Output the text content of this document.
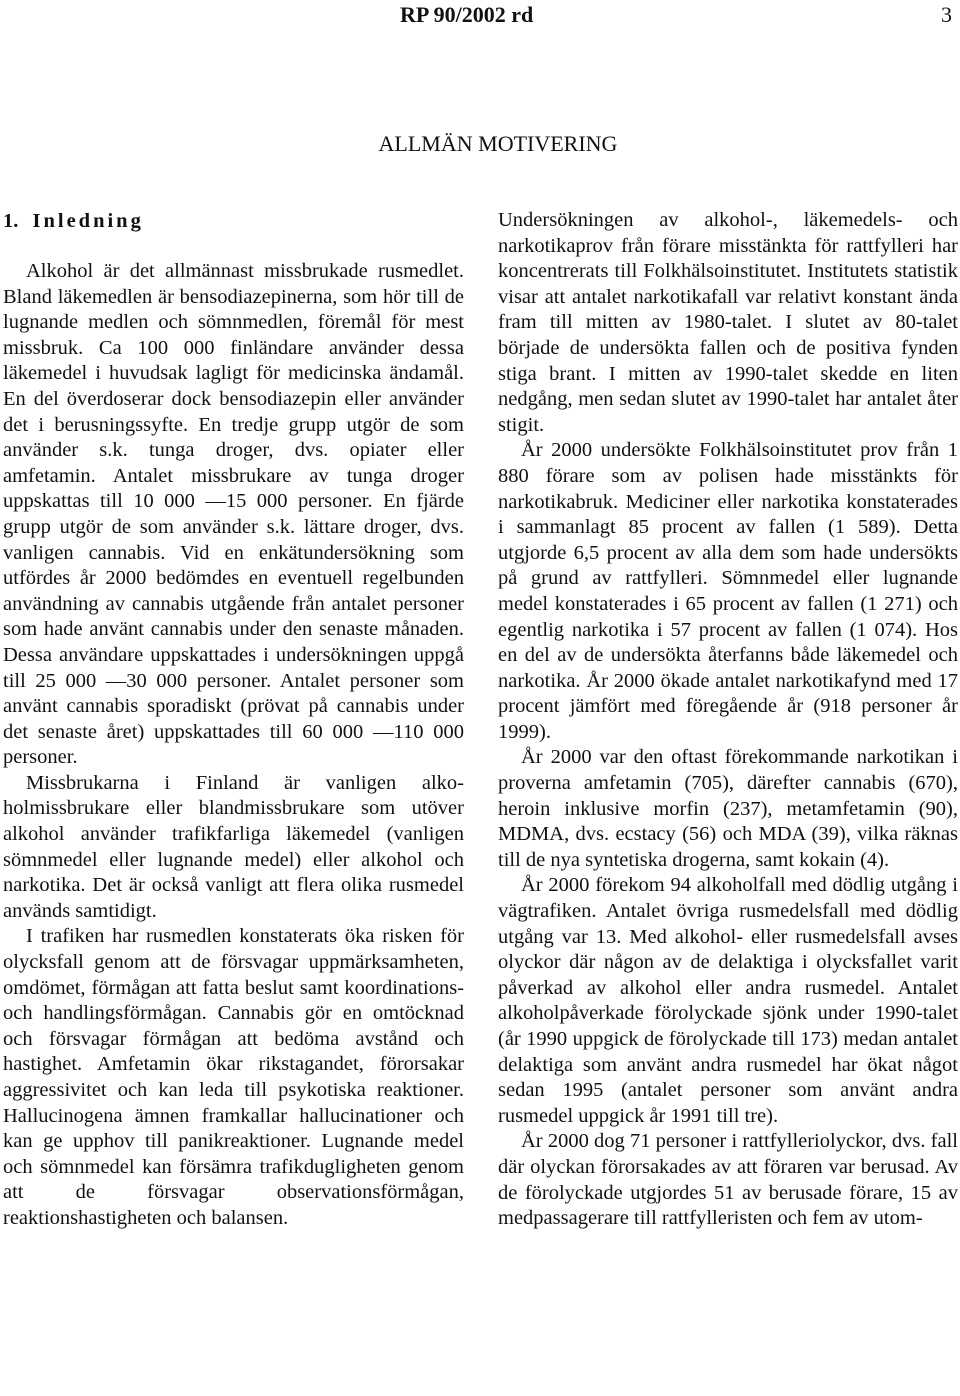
RP 90/2002 rd	3
ALLMÄN MOTIVERING
1. Inledning

Alkohol är det allmännast missbrukade rusmedlet. Bland läkemedlen är bensodiazepinerna, som hör till de lugnande medlen och sömnmedlen, föremål för mest missbruk. Ca 100 000 finländare använder dessa läkemedel i huvudsak lagligt för medicinska ändamål. En del överdoserar dock bensodiazepin eller använder det i berusningssyfte. En tredje grupp utgör de som använder s.k. tunga droger, dvs. opiater eller amfetamin. Antalet missbrukare av tunga droger uppskattas till 10 000 —15 000 personer. En fjärde grupp utgör de som använder s.k. lättare droger, dvs. vanligen cannabis. Vid en enkätundersökning som utfördes år 2000 bedömdes en eventuell regelbunden användning av cannabis utgående från antalet personer som hade använt cannabis under den senaste månaden. Dessa användare uppskattades i undersökningen uppgå till 25 000 —30 000 personer. Antalet personer som använt cannabis sporadiskt (prövat på cannabis under det senaste året) uppskattades till 60 000 —110 000 personer.

Missbrukarna i Finland är vanligen alkoholmissbrukare eller blandmissbrukare som utöver alkohol använder trafikfarliga läkemedel (vanligen sömnmedel eller lugnande medel) eller alkohol och narkotika. Det är också vanligt att flera olika rusmedel används samtidigt.

I trafiken har rusmedlen konstaterats öka risken för olycksfall genom att de försvagar uppmärksamheten, omdömet, förmågan att fatta beslut samt koordinations- och handlingsförmågan. Cannabis gör en omtöcknad och försvagar förmågan att bedöma avstånd och hastighet. Amfetamin ökar rikstagandet, förorsakar aggressivitet och kan leda till psykotiska reaktioner. Hallucinogena ämnen framkallar hallucinationer och kan ge upphov till panikreaktioner. Lugnande medel och sömnmedel kan försämra trafikdugligheten genom att de försvagar observationsförmågan, reaktionshastigheten och balansen.

Undersökningen av alkohol-, läkemedels- och narkotikaprov från förare misstänkta för rattfylleri har koncentrerats till Folkhälsoinstitutet. Institutets statistik visar att antalet narkotikafall var relativt konstant ända fram till mitten av 1980-talet. I slutet av 80-talet började de undersökta fallen och de positiva fynden stiga brant. I mitten av 1990-talet skedde en liten nedgång, men sedan slutet av 1990-talet har antalet åter stigit.

År 2000 undersökte Folkhälsoinstitutet prov från 1 880 förare som av polisen hade misstänkts för narkotikabruk. Mediciner eller narkotika konstaterades i sammanlagt 85 procent av fallen (1 589). Detta utgjorde 6,5 procent av alla dem som hade undersökts på grund av rattfylleri. Sömnmedel eller lugnande medel konstaterades i 65 procent av fallen (1 271) och egentlig narkotika i 57 procent av fallen (1 074). Hos en del av de undersökta återfanns både läkemedel och narkotika. År 2000 ökade antalet narkotikafynd med 17 procent jämfört med föregående år (918 personer år 1999).

År 2000 var den oftast förekommande narkotikan i proverna amfetamin (705), därefter cannabis (670), heroin inklusive morfin (237), metamfetamin (90), MDMA, dvs. ecstacy (56) och MDA (39), vilka räknas till de nya syntetiska drogerna, samt kokain (4).

År 2000 förekom 94 alkoholfall med dödlig utgång i vägtrafiken. Antalet övriga rusmedelsfall med dödlig utgång var 13. Med alkohol- eller rusmedelsfall avses olyckor där någon av de delaktiga i olycksfallet varit påverkad av alkohol eller andra rusmedel. Antalet alkoholpåverkade förolyckade sjönk under 1990-talet (år 1990 uppgick de förolyckade till 173) medan antalet delaktiga som använt andra rusmedel har ökat något sedan 1995 (antalet personer som använt andra rusmedel uppgick år 1991 till tre).

År 2000 dog 71 personer i rattfylleriolyckor, dvs. fall där olyckan förorsakades av att föraren var berusad. Av de förolyckade utgjordes 51 av berusade förare, 15 av medpassagerare till rattfylleristen och fem av utom-
